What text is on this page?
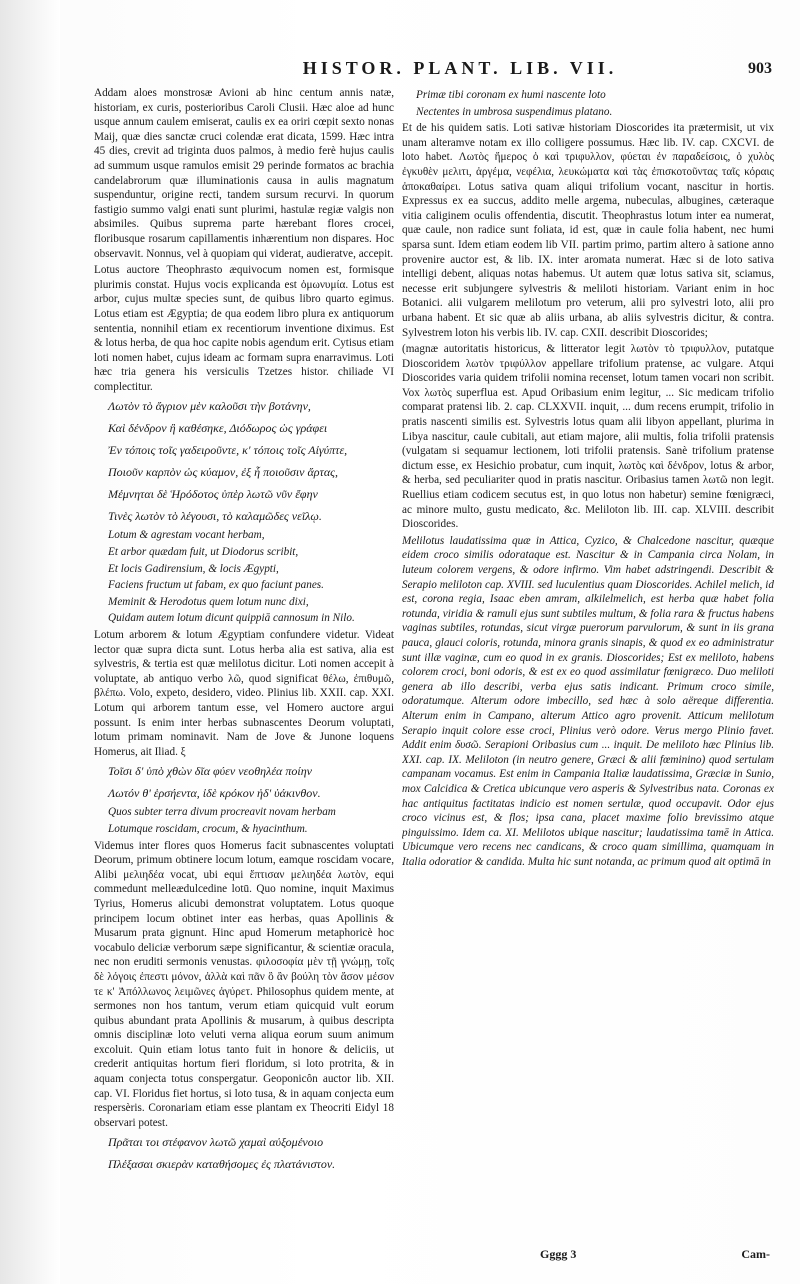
HISTOR. PLANT. LIB. VII.	903

Addam aloes monstrosæ Avioni ab hinc centum annis natæ, historiam, ex curis, posterioribus Caroli Clusii. Hæc aloe ad hunc usque annum caulem emiserat, caulis ex ea oriri cœpit sexto nonas Maij, quæ dies sanctæ cruci colendæ erat dicata, 1599. Hæc intra 45 dies, crevit ad triginta duos palmos, à medio ferè hujus caulis ad summum usque ramulos emisit 29 perinde formatos ac brachia candelabrorum quæ illuminationis causa in aulis magnatum suspenduntur, origine recti, tandem sursum recurvi. In quorum fastigio summo valgi enati sunt plurimi, hastulæ regiæ valgis non absimiles. Quibus suprema parte hærebant flores crocei, floribusque rosarum capillamentis inhærentium non dispares. Hoc observavit. Nonnus, vel à quopiam qui viderat, audieratve, accepit.

Lotus auctore Theophrasto æquivocum nomen est, formisque plurimis constat. Hujus vocis explicanda est ὁμωνυμία. Lotus est arbor, cujus multæ species sunt, de quibus libro quarto egimus. Lotus etiam est Ægyptia; de qua eodem libro plura ex antiquorum sententia, nonnihil etiam ex recentiorum inventione diximus. Est & lotus herba, de qua hoc capite nobis agendum erit. Cytisus etiam loti nomen habet, cujus ideam ac formam supra enarravimus. Loti hæc tria genera his versiculis Tzetzes histor. chiliade VI complectitur.

Λωτὸν τὸ ἄγριον μὲν καλοῦσι τὴν βοτάνην,
Καὶ δένδρον ἢ καθέσηκε, Διόδωρος ὡς γράφει
Ἐν τόποις τοῖς γαδειροῦντε, κ' τόποις τοῖς Αἰγύπτε,
Ποιοῦν καρπὸν ὡς κύαμον, ἐξ ἧ ποιοῦσιν ἄρτας,
Μέμνηται δὲ Ἡρόδοτος ὑπὲρ λωτῶ νῦν ἔφην
Τινὲς λωτὸν τὸ λέγουσι, τὸ καλαμῶδες νεῖλῳ.
Lotum & agrestam vocant herbam,
Et arbor quædam fuit, ut Diodorus scribit,
Et locis Gadirensium, & locis Ægypti,
Faciens fructum ut fabam, ex quo faciunt panes.
Meminit & Herodotus quem lotum nunc dixi,
Quidam autem lotum dicunt quippiā cannosum in Nilo.

Lotum arborem & lotum Ægyptiam confundere videtur. Videat lector quæ supra dicta sunt. Lotus herba alia est sativa, alia est sylvestris, & tertia est quæ melilotus dicitur. Loti nomen accepit à voluptate, ab antiquo verbo λῶ, quod significat θέλω, ἐπιθυμῶ, βλέπω. Volo, expeto, desidero, video. Plinius lib. XXII. cap. XXI. Lotum qui arborem tantum esse, vel Homero auctore argui possunt. Is enim inter herbas subnascentes Deorum voluptati, lotum primam nominavit. Nam de Jove & Junone loquens Homerus, ait Iliad. ξ

Τοῖσι δ' ὑπὸ χθὼν δῖα φύεν νεοθηλέα ποίην
Λωτόν θ' ἑρσήεντα, ἰδὲ κρόκον ἠδ' ὑάκινθον.
Quos subter terra divum procreavit novam herbam
Lotumque roscidam, crocum, & hyacinthum.

Videmus inter flores quos Homerus facit subnascentes voluptati Deorum, primum obtinere locum lotum, eamque roscidam vocare, Alibi μελιηδέα vocat, ubi equi ἔπτισαν μελιηδέα λωτὸν, equi commedunt melleædulcedine lotū. Quo nomine, inquit Maximus Tyrius, Homerus alicubi demonstrat voluptatem. Lotus quoque principem locum obtinet inter eas herbas, quas Apollinis & Musarum prata gignunt. Hinc apud Homerum metaphoricè hoc vocabulo deliciæ verborum sæpe significantur, & scientiæ oracula, nec non eruditi sermonis venustas. φιλοσοφία μὲν τῇ γνώμῃ, τοῖς δὲ λόγοις ἐπεστι μόνον, ἀλλὰ καὶ πᾶν ὃ ἂν βούλη τὸν ἄσον μέσον τε κ' Ἀπόλλωνος λειμῶνες ἀγύρετ. Philosophus quidem mente, at sermones non hos tantum, verum etiam quicquid vult eorum quibus abundant prata Apollinis & musarum, à quibus descripta omnis disciplinæ loto veluti verna aliqua eorum suum animum excoluit. Quin etiam lotus tanto fuit in honore & deliciis, ut crederit antiquitas hortum fieri floridum, si loto protrita, & in aquam conjecta totus conspergatur. Geoponicôn auctor lib. XII. cap. VI. Floridus fiet hortus, si loto tusa, & in aquam conjecta eum respersèris. Coronariam etiam esse plantam ex Theocriti Eidyl 18 observari potest.

Πρᾶται τοι στέφανον λωτῶ χαμαὶ αὐξομένοιο
Πλέξασαι σκιερὰν καταθήσομες ἐς πλατάνιστον.
Primæ tibi coronam ex humi nascente loto
Nectentes in umbrosa suspendimus platano.

Et de his quidem satis. Loti sativæ historiam Dioscorides ita prætermisit, ut vix unam alteramve notam ex illo colligere possumus. Hæc lib. IV. cap. CXCVI. de loto habet. Λωτὸς ἥμερος ὁ καὶ τριφυλλον, φύεται ἐν παραδείσοις, ὁ χυλὸς ἐγκυθὲν μελιτι, ἀργέμα, νεφέλια, λευκώματα καὶ τὰς ἐπισκοτοῦντας ταῖς κόραις ἀποκαθαίρει. Lotus sativa quam aliqui trifolium vocant, nascitur in hortis. Expressus ex ea succus, addito melle argema, nubeculas, albugines, cæteraque vitia caliginem oculis offendentia, discutit. Theophrastus lotum inter ea numerat, quæ caule, non radice sunt foliata, id est, quæ in caule folia habent, nec humi sparsa sunt. Idem etiam eodem lib VII. partim primo, partim altero à satione anno provenire auctor est, & lib. IX. inter aromata numerat. Hæc si de loto sativa intelligi debent, aliquas notas habemus. Ut autem quæ lotus sativa sit, sciamus, necesse erit subjungere sylvestris & meliloti historiam. Variant enim in hoc Botanici. alii vulgarem melilotum pro veterum, alii pro sylvestri loto, alii pro urbana habent. Et sic quæ ab aliis urbana, ab aliis sylvestris dicitur, & contra. Sylvestrem loton his verbis lib. IV. cap. CXII. describit Dioscorides;

(magnæ autoritatis historicus, & litterator legit λωτὸν τὸ τριφυλλον, putatque Dioscoridem λωτὸν τριφύλλον appellare trifolium pratense, ac vulgare. Atqui Dioscorides varia quidem trifolii nomina recenset, lotum tamen vocari non scribit. Vox λωτὸς superflua est. Apud Oribasium enim legitur, ... Sic medicam trifolio comparat pratensi lib. 2. cap. CLXXVII. inquit, ... dum recens erumpit, trifolio in pratis nascenti similis est. Sylvestris lotus quam alii libyon appellant, plurima in Libya nascitur, caule cubitali, aut etiam majore, alii multis, folia trifolii pratensis (vulgatam si sequamur lectionem, loti trifolii pratensis. Sanè trifolium pratense dictum esse, ex Hesichio probatur, cum inquit, λωτὸς καὶ δένδρον, lotus & arbor, & herba, sed peculiariter quod in pratis nascitur. Oribasius tamen λωτῶ non legit. Ruellius etiam codicem secutus est, in quo lotus non habetur) semine fœnigræci, ac minore multo, gustu medicato, &c. Meliloton lib. III. cap. XLVIII. describit Dioscorides.

Melilotus laudatissima quæ in Attica, Cyzico, & Chalcedone nascitur, quæque eidem croco similis odorataque est. Nascitur & in Campania circa Nolam, in luteum colorem vergens, & odore infirmo. Vim habet adstringendi. Describit & Serapio meliloton cap. XVIII. sed luculentius quam Dioscorides. Achilel melich, id est, corona regia, Isaac eben amram, alkilelmelich, est herba quæ habet folia rotunda, viridia & ramuli ejus sunt subtiles multum, & folia rara & fructus habens vaginas subtiles, rotundas, sicut virgæ puerorum parvulorum, & sunt in iis grana pauca, glauci coloris, rotunda, minora granis sinapis, & quod ex eo administratur sunt illæ vaginæ, cum eo quod in ex granis. Dioscorides; Est ex meliloto, habens colorem croci, boni odoris, & est ex eo quod assimilatur fœnigræco. Duo meliloti genera ab illo describi, verba ejus satis indicant. Primum croco simile, odoratumque. Alterum odore imbecillo, sed hæc à solo aëreque differentia. Alterum enim in Campano, alterum Attico agro provenit. Atticum melilotum Serapio inquit colore esse croci, Plinius verò odore. Verus mergo Plinio favet. Addit enim δυσῶ. Serapioni Oribasius cum ... inquit. De meliloto hæc Plinius lib. XXI. cap. IX. Meliloton (in neutro genere, Græci & alii fœminino) quod sertulam campanam vocamus. Est enim in Campania Italiæ laudatissima, Græciæ in Sunio, mox Calcidica & Cretica ubicunque vero asperis & Sylvestribus nata. Coronas ex hac antiquitus factitatas indicio est nomen sertulæ, quod occupavit. Odor ejus croco vicinus est, & flos; ipsa cana, placet maxime folio brevissimo atque pinguissimo. Idem ca. XI. Melilotos ubique nascitur; laudatissima tamē in Attica. Ubicumque vero recens nec candicans, & croco quam simillima, quamquam in Italia odoratior & candida. Multa hic sunt notanda, ac primum quod ait optimā in

Gggg 3	Cam-
